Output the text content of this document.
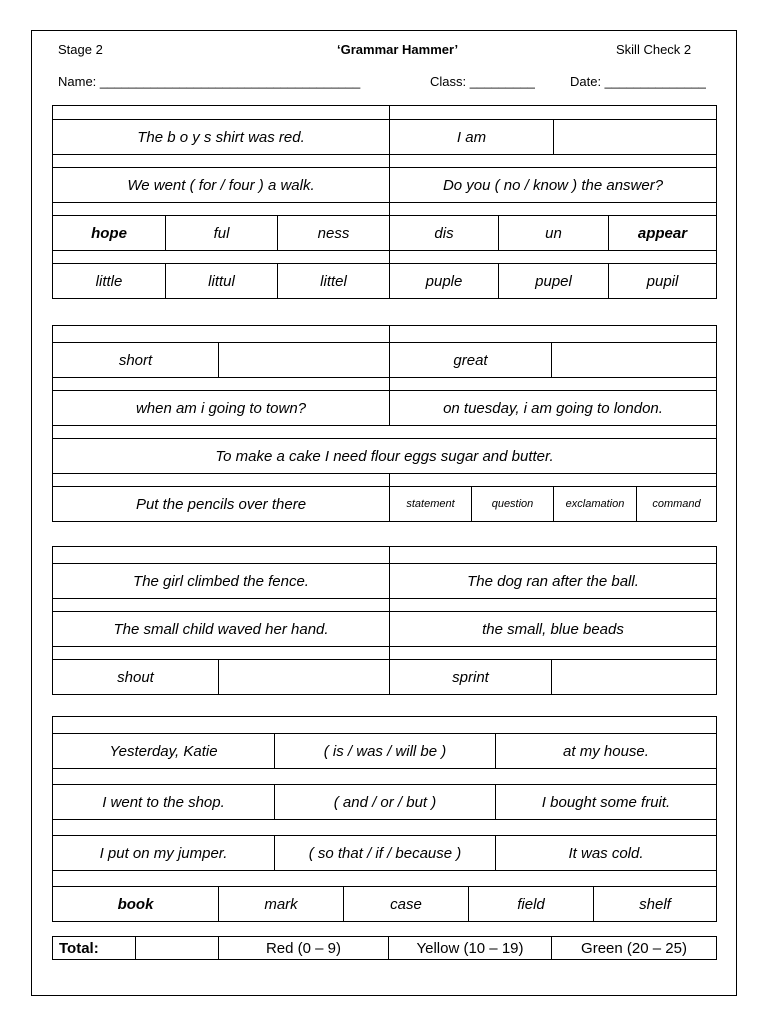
Stage 2	‘Grammar Hammer’	Skill Check 2
Name: ____________________________________	Class: _________	Date: ______________
The b o y s shirt was red.	I am
We went ( for / four ) a walk.	Do you ( no / know ) the answer?
hope	ful	ness	dis	un	appear
little	littul	littel	puple	pupel	pupil
short	great
when am i going to town?	on tuesday, i am going to london.
To make a cake I need flour eggs sugar and butter.
Put the pencils over there	statement	question	exclamation	command
The girl climbed the fence.	The dog ran after the ball.
The small child waved her hand.	the small, blue beads
shout	sprint
Yesterday, Katie	( is / was / will be )	at my house.
I went to the shop.	( and / or / but )	I bought some fruit.
I put on my jumper.	( so that / if / because )	It was cold.
book	mark	case	field	shelf
Total:	Red (0 – 9)	Yellow (10 – 19)	Green (20 – 25)
